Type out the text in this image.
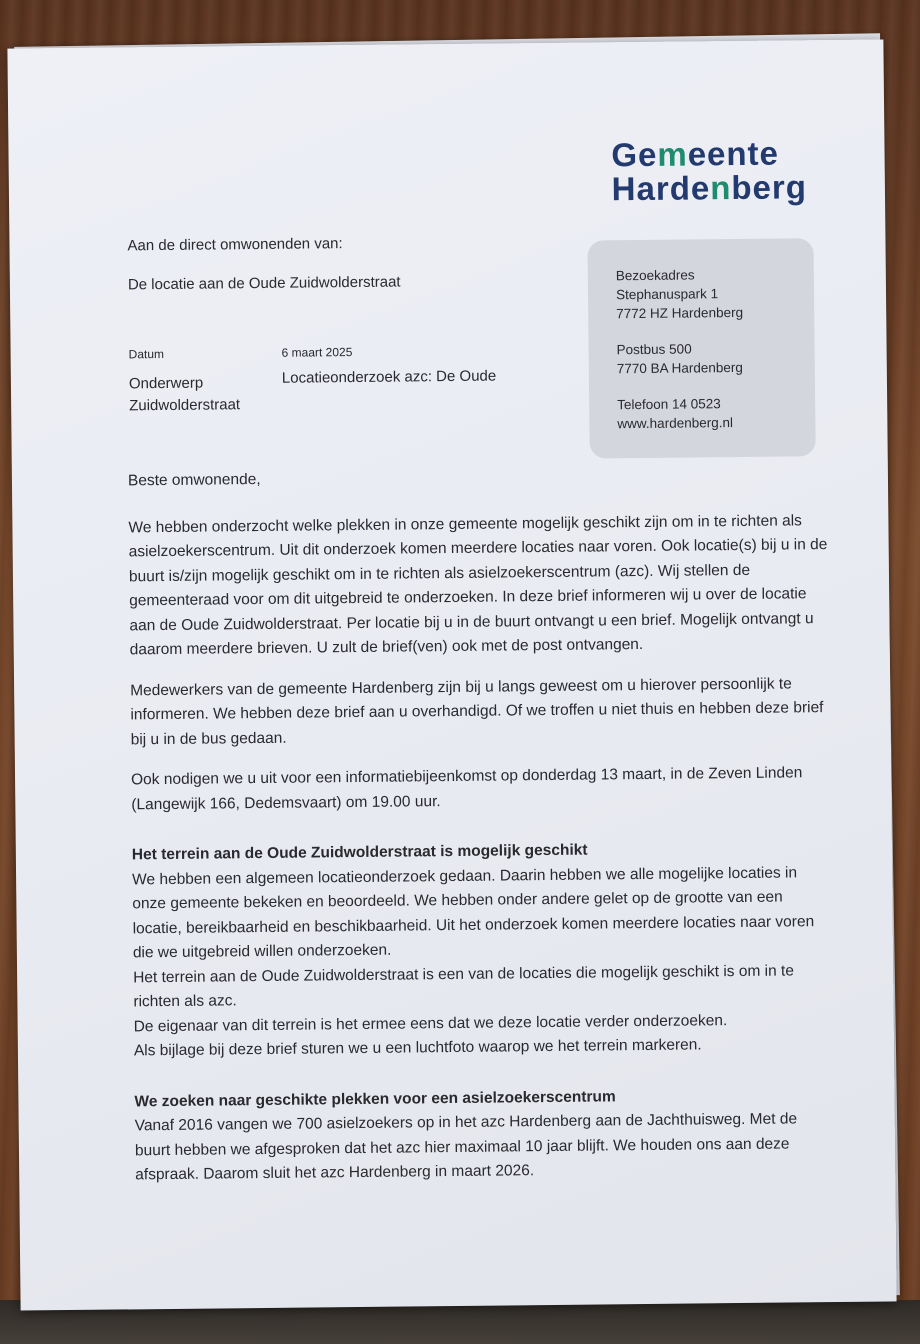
Gemeente
Hardenberg

Aan de direct omwonenden van:

De locatie aan de Oude Zuidwolderstraat

Datum	6 maart 2025
Onderwerp	Locatieonderzoek azc: De Oude
Zuidwolderstraat
Bezoekadres
Stephanuspark 1
7772 HZ Hardenberg
Postbus 500
7770 BA Hardenberg
Telefoon 14 0523
www.hardenberg.nl

Beste omwonende,

We hebben onderzocht welke plekken in onze gemeente mogelijk geschikt zijn om in te richten als asielzoekerscentrum. Uit dit onderzoek komen meerdere locaties naar voren. Ook locatie(s) bij u in de buurt is/zijn mogelijk geschikt om in te richten als asielzoekerscentrum (azc). Wij stellen de gemeenteraad voor om dit uitgebreid te onderzoeken. In deze brief informeren wij u over de locatie aan de Oude Zuidwolderstraat. Per locatie bij u in de buurt ontvangt u een brief. Mogelijk ontvangt u daarom meerdere brieven. U zult de brief(ven) ook met de post ontvangen.

Medewerkers van de gemeente Hardenberg zijn bij u langs geweest om u hierover persoonlijk te informeren. We hebben deze brief aan u overhandigd. Of we troffen u niet thuis en hebben deze brief bij u in de bus gedaan.

Ook nodigen we u uit voor een informatiebijeenkomst op donderdag 13 maart, in de Zeven Linden (Langewijk 166, Dedemsvaart) om 19.00 uur.

Het terrein aan de Oude Zuidwolderstraat is mogelijk geschikt

We hebben een algemeen locatieonderzoek gedaan. Daarin hebben we alle mogelijke locaties in onze gemeente bekeken en beoordeeld. We hebben onder andere gelet op de grootte van een locatie, bereikbaarheid en beschikbaarheid. Uit het onderzoek komen meerdere locaties naar voren die we uitgebreid willen onderzoeken.

Het terrein aan de Oude Zuidwolderstraat is een van de locaties die mogelijk geschikt is om in te richten als azc.

De eigenaar van dit terrein is het ermee eens dat we deze locatie verder onderzoeken.

Als bijlage bij deze brief sturen we u een luchtfoto waarop we het terrein markeren.

We zoeken naar geschikte plekken voor een asielzoekerscentrum

Vanaf 2016 vangen we 700 asielzoekers op in het azc Hardenberg aan de Jachthuisweg. Met de buurt hebben we afgesproken dat het azc hier maximaal 10 jaar blijft. We houden ons aan deze afspraak. Daarom sluit het azc Hardenberg in maart 2026.
